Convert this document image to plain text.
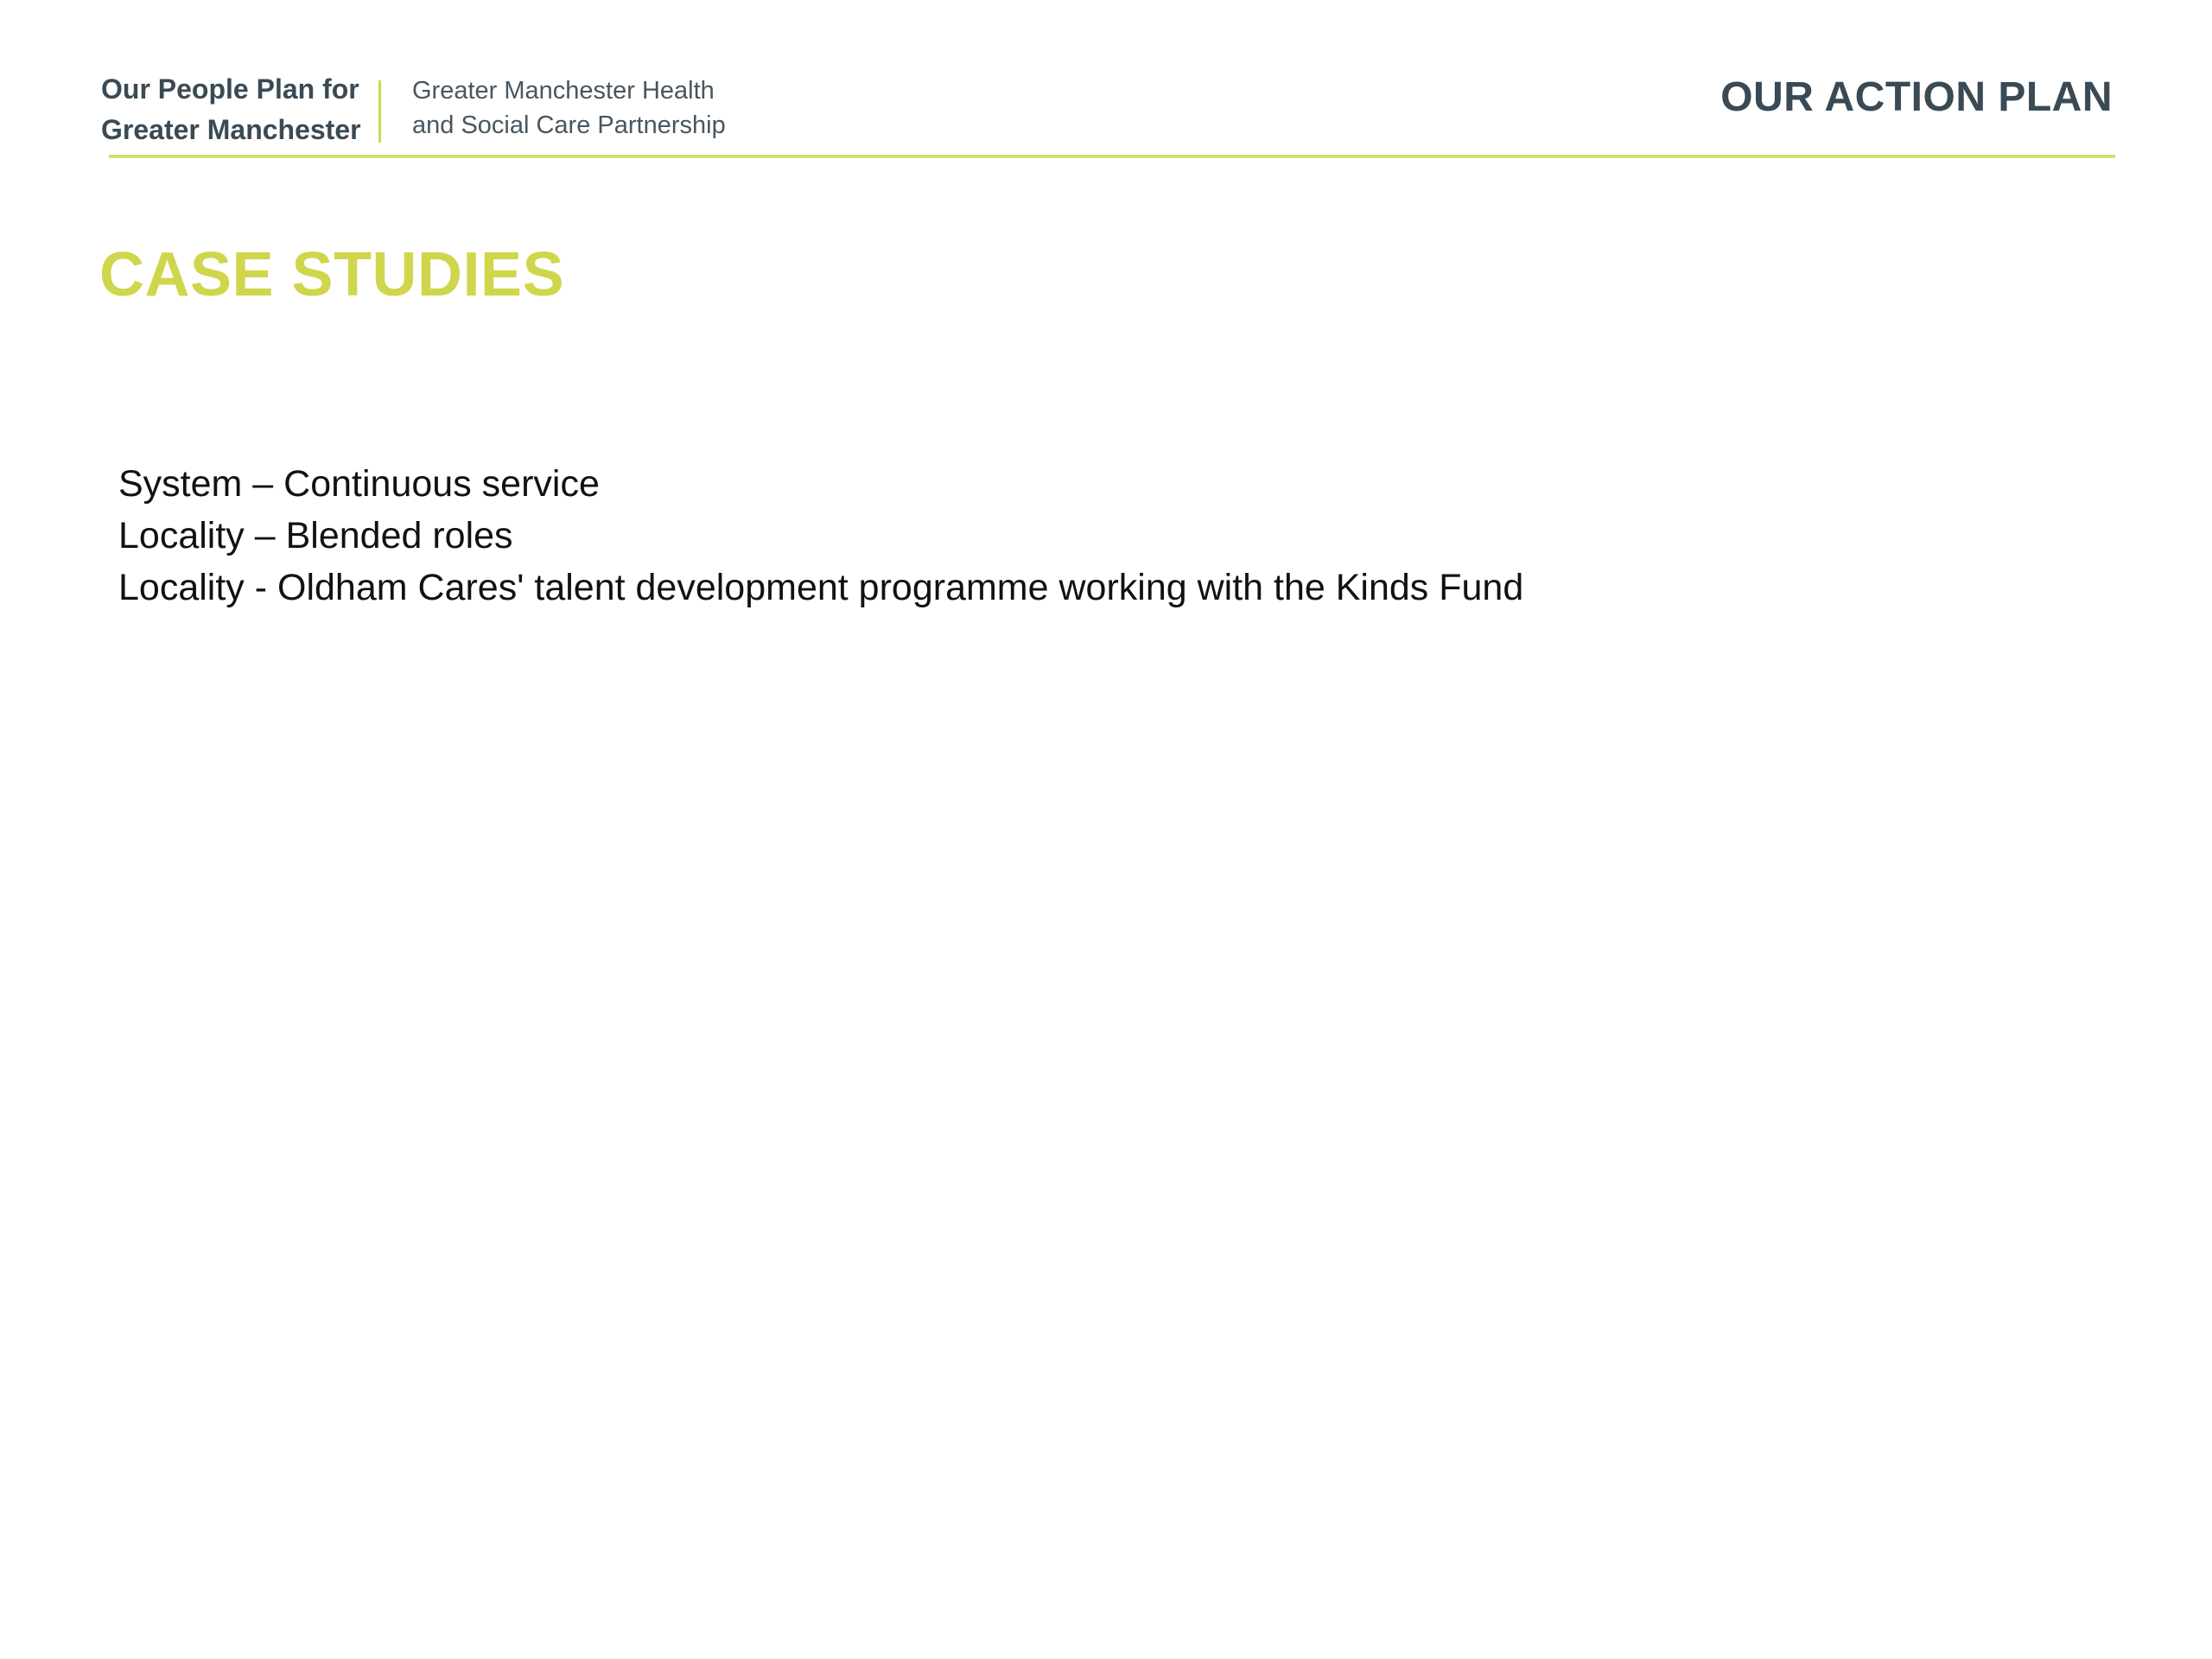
Our People Plan for
Greater Manchester
Greater Manchester Health
and Social Care Partnership
OUR ACTION PLAN
CASE STUDIES
System – Continuous service
Locality – Blended roles
Locality - Oldham Cares' talent development programme working with the Kinds Fund
